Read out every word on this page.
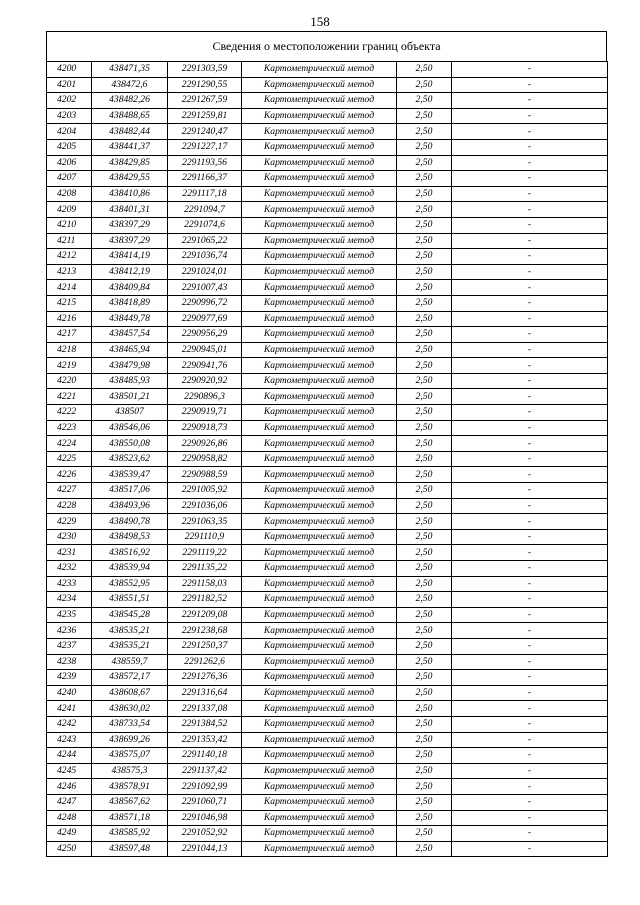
158
Сведения о местоположении границ объекта
4200	438471,35	2291303,59	Картометрический метод	2,50	-
4201	438472,6	2291290,55	Картометрический метод	2,50	-
4202	438482,26	2291267,59	Картометрический метод	2,50	-
4203	438488,65	2291259,81	Картометрический метод	2,50	-
4204	438482,44	2291240,47	Картометрический метод	2,50	-
4205	438441,37	2291227,17	Картометрический метод	2,50	-
4206	438429,85	2291193,56	Картометрический метод	2,50	-
4207	438429,55	2291166,37	Картометрический метод	2,50	-
4208	438410,86	2291117,18	Картометрический метод	2,50	-
4209	438401,31	2291094,7	Картометрический метод	2,50	-
4210	438397,29	2291074,6	Картометрический метод	2,50	-
4211	438397,29	2291065,22	Картометрический метод	2,50	-
4212	438414,19	2291036,74	Картометрический метод	2,50	-
4213	438412,19	2291024,01	Картометрический метод	2,50	-
4214	438409,84	2291007,43	Картометрический метод	2,50	-
4215	438418,89	2290996,72	Картометрический метод	2,50	-
4216	438449,78	2290977,69	Картометрический метод	2,50	-
4217	438457,54	2290956,29	Картометрический метод	2,50	-
4218	438465,94	2290945,01	Картометрический метод	2,50	-
4219	438479,98	2290941,76	Картометрический метод	2,50	-
4220	438485,93	2290920,92	Картометрический метод	2,50	-
4221	438501,21	2290896,3	Картометрический метод	2,50	-
4222	438507	2290919,71	Картометрический метод	2,50	-
4223	438546,06	2290918,73	Картометрический метод	2,50	-
4224	438550,08	2290926,86	Картометрический метод	2,50	-
4225	438523,62	2290958,82	Картометрический метод	2,50	-
4226	438539,47	2290988,59	Картометрический метод	2,50	-
4227	438517,06	2291005,92	Картометрический метод	2,50	-
4228	438493,96	2291036,06	Картометрический метод	2,50	-
4229	438490,78	2291063,35	Картометрический метод	2,50	-
4230	438498,53	2291110,9	Картометрический метод	2,50	-
4231	438516,92	2291119,22	Картометрический метод	2,50	-
4232	438539,94	2291135,22	Картометрический метод	2,50	-
4233	438552,95	2291158,03	Картометрический метод	2,50	-
4234	438551,51	2291182,52	Картометрический метод	2,50	-
4235	438545,28	2291209,08	Картометрический метод	2,50	-
4236	438535,21	2291238,68	Картометрический метод	2,50	-
4237	438535,21	2291250,37	Картометрический метод	2,50	-
4238	438559,7	2291262,6	Картометрический метод	2,50	-
4239	438572,17	2291276,36	Картометрический метод	2,50	-
4240	438608,67	2291316,64	Картометрический метод	2,50	-
4241	438630,02	2291337,08	Картометрический метод	2,50	-
4242	438733,54	2291384,52	Картометрический метод	2,50	-
4243	438699,26	2291353,42	Картометрический метод	2,50	-
4244	438575,07	2291140,18	Картометрический метод	2,50	-
4245	438575,3	2291137,42	Картометрический метод	2,50	-
4246	438578,91	2291092,99	Картометрический метод	2,50	-
4247	438567,62	2291060,71	Картометрический метод	2,50	-
4248	438571,18	2291046,98	Картометрический метод	2,50	-
4249	438585,92	2291052,92	Картометрический метод	2,50	-
4250	438597,48	2291044,13	Картометрический метод	2,50	-
